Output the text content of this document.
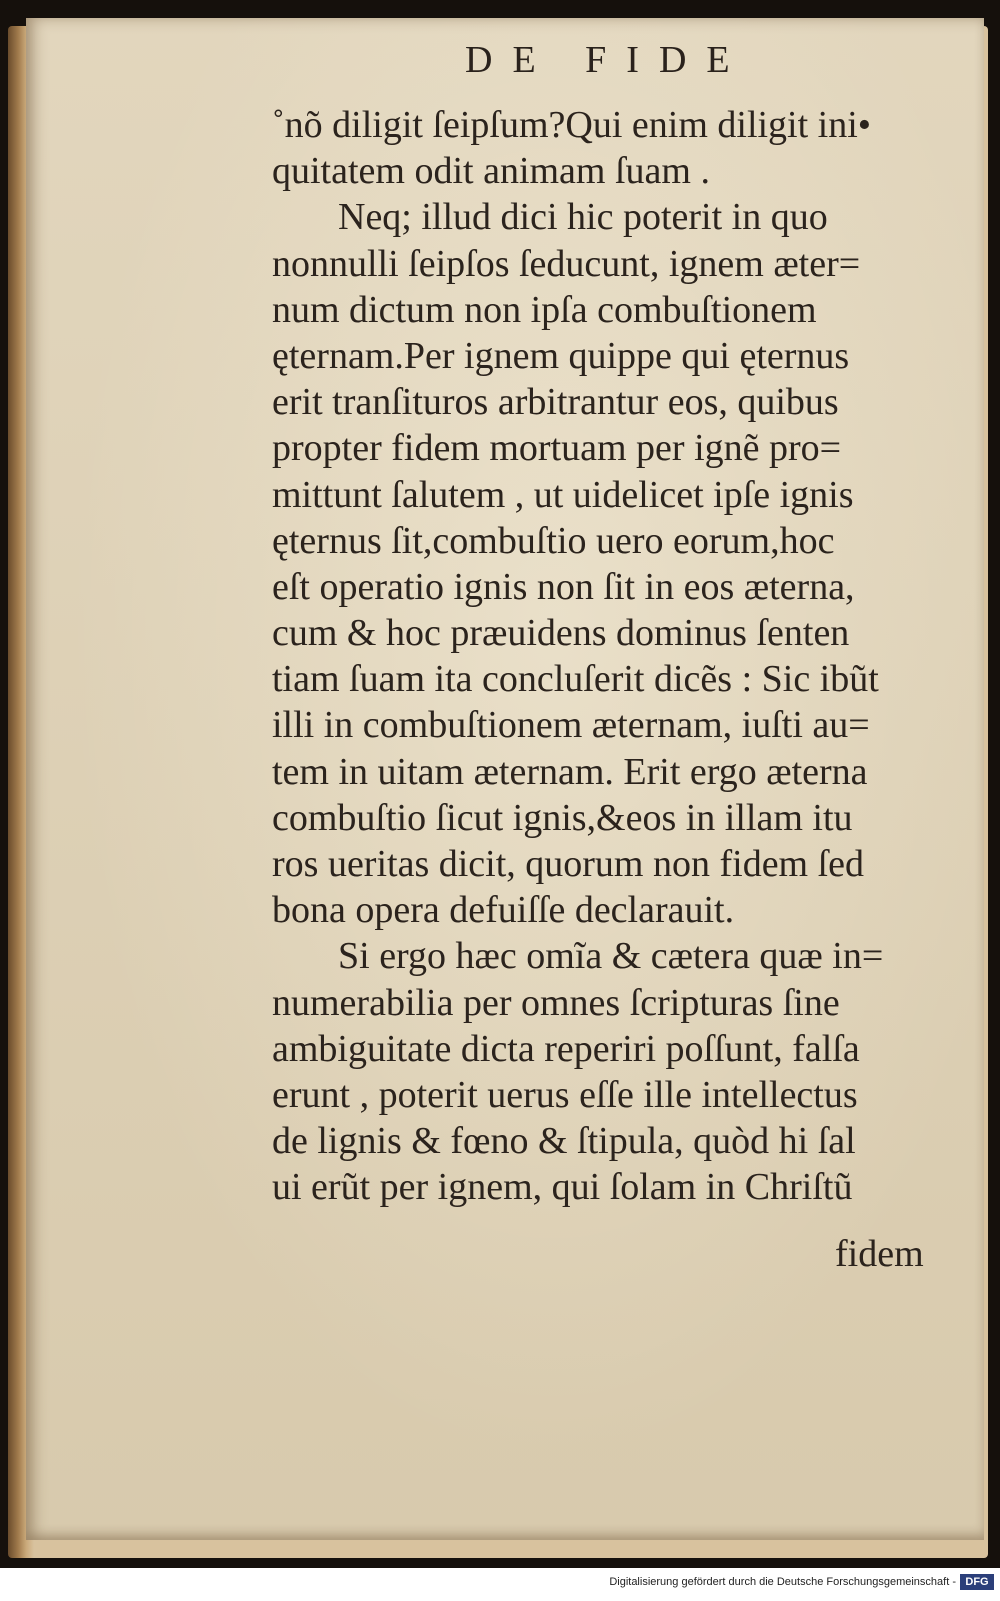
DE FIDE
˚nõ diligit ſeipſum?Qui enim diligit ini•
quitatem odit animam ſuam .
Neq; illud dici hic poterit in quo
nonnulli ſeipſos ſeducunt, ignem æter=
num dictum non ipſa combuſtionem
ęternam.Per ignem quippe qui ęternus
erit tranſituros arbitrantur eos, quibus
propter fidem mortuam per ignẽ pro=
mittunt ſalutem , ut uidelicet ipſe ignis
ęternus ſit,combuſtio uero eorum,hoc
eſt operatio ignis non ſit in eos æterna,
cum & hoc præuidens dominus ſenten
tiam ſuam ita concluſerit dicẽs : Sic ibũt
illi in combuſtionem æternam, iuſti au=
tem in uitam æternam. Erit ergo æterna
combuſtio ſicut ignis,&eos in illam itu
ros ueritas dicit, quorum non fidem ſed
bona opera defuiſſe declarauit.
Si ergo hæc omĩa & cætera quæ in=
numerabilia per omnes ſcripturas ſine
ambiguitate dicta reperiri poſſunt, falſa
erunt , poterit uerus eſſe ille intellectus
de lignis & fœno & ſtipula, quòd hi ſal
ui erũt per ignem, qui ſolam in Chriſtũ
fidem
Digitalisierung gefördert durch die Deutsche Forschungsgemeinschaft - DFG
